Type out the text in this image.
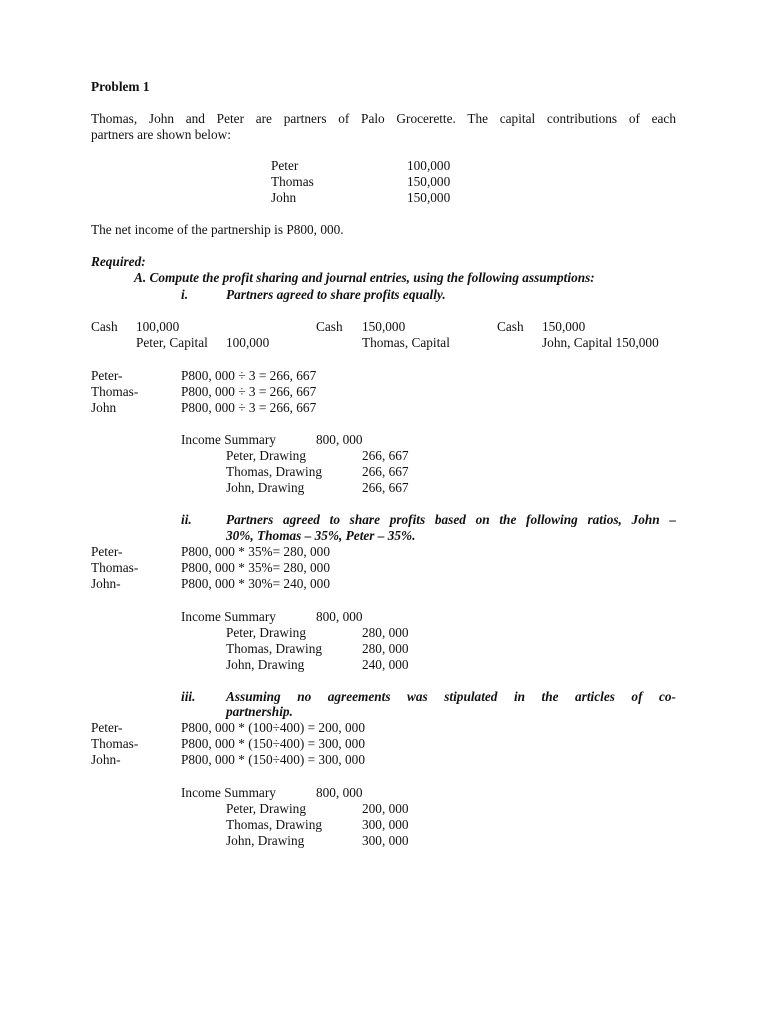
Problem 1
Thomas, John and Peter are partners of Palo Grocerette. The capital contributions of each
partners are shown below:
Peter	100,000
Thomas	150,000
John	150,000
The net income of the partnership is P800, 000.
Required:
A. Compute the profit sharing and journal entries, using the following assumptions:
i.	Partners agreed to share profits equally.
Cash 100,000
Peter, Capital 100,000
Cash 150,000
Thomas, Capital
Cash 150,000
John, Capital 150,000
Peter-	P800, 000 ÷ 3 = 266, 667
Thomas-	P800, 000 ÷ 3 = 266, 667
John	P800, 000 ÷ 3 = 266, 667
Income Summary	800, 000
Peter, Drawing	266, 667
Thomas, Drawing	266, 667
John, Drawing	266, 667
ii.	Partners agreed to share profits based on the following ratios, John –
30%, Thomas – 35%, Peter – 35%.
Peter-	P800, 000 * 35%= 280, 000
Thomas-	P800, 000 * 35%= 280, 000
John-	P800, 000 * 30%= 240, 000
Income Summary	800, 000
Peter, Drawing	280, 000
Thomas, Drawing	280, 000
John, Drawing	240, 000
iii. Assuming no agreements was stipulated in the articles of co-
partnership.
Peter-	P800, 000 * (100÷400) = 200, 000
Thomas-	P800, 000 * (150÷400) = 300, 000
John-	P800, 000 * (150÷400) = 300, 000
Income Summary	800, 000
Peter, Drawing	200, 000
Thomas, Drawing	300, 000
John, Drawing	300, 000
